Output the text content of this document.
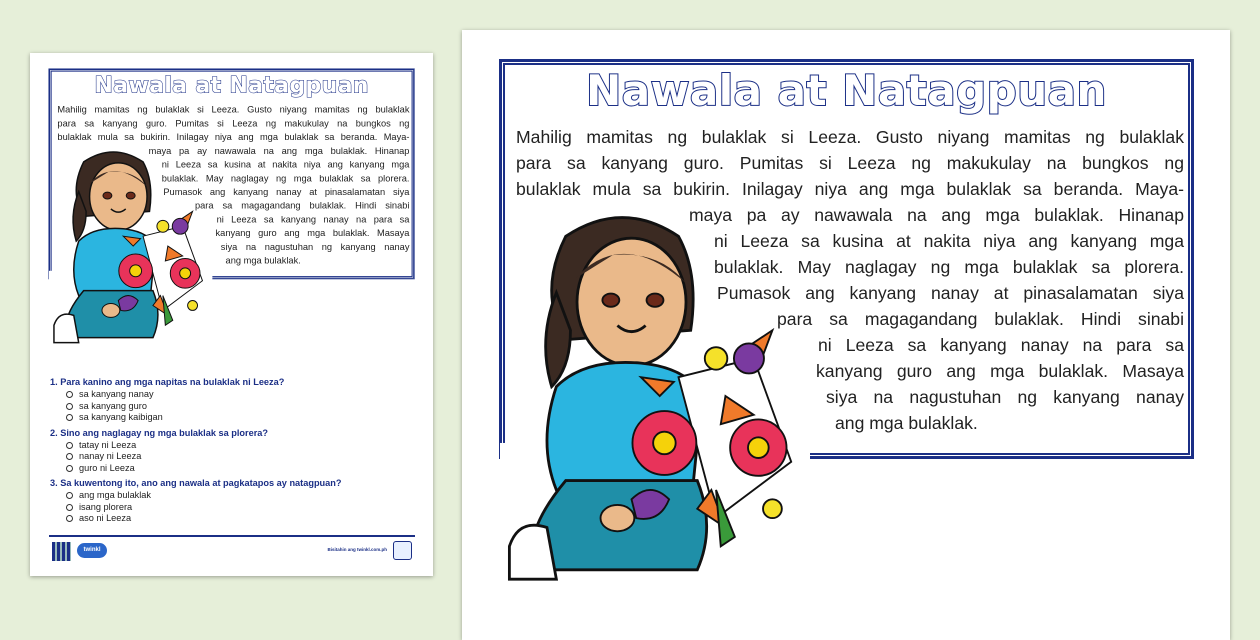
Nawala at Natagpuan
Mahilig mamitas ng bulaklak si Leeza. Gusto niyang mamitas ng bulaklak
para sa kanyang guro. Pumitas si Leeza ng makukulay na bungkos ng
bulaklak mula sa bukirin. Inilagay niya ang mga bulaklak sa beranda. Maya-
maya pa ay nawawala na ang mga bulaklak. Hinanap
ni Leeza sa kusina at nakita niya ang kanyang mga
bulaklak. May naglagay ng mga bulaklak sa plorera.
Pumasok ang kanyang nanay at pinasalamatan siya
para sa magagandang bulaklak. Hindi sinabi
ni Leeza sa kanyang nanay na para sa
kanyang guro ang mga bulaklak. Masaya
siya na nagustuhan ng kanyang nanay
ang mga bulaklak.
1. Para kanino ang mga napitas na bulaklak ni Leeza?
sa kanyang nanay
sa kanyang guro
sa kanyang kaibigan
2. Sino ang naglagay ng mga bulaklak sa plorera?
tatay ni Leeza
nanay ni Leeza
guro ni Leeza
3. Sa kuwentong ito, ano ang nawala at pagkatapos ay natagpuan?
ang mga bulaklak
isang plorera
aso ni Leeza
twinkl	Bisitahin ang twinkl.com.ph
Nawala at Natagpuan
Mahilig mamitas ng bulaklak si Leeza. Gusto niyang mamitas ng bulaklak
para sa kanyang guro. Pumitas si Leeza ng makukulay na bungkos ng
bulaklak mula sa bukirin. Inilagay niya ang mga bulaklak sa beranda. Maya-
maya pa ay nawawala na ang mga bulaklak. Hinanap
ni Leeza sa kusina at nakita niya ang kanyang mga
bulaklak. May naglagay ng mga bulaklak sa plorera.
Pumasok ang kanyang nanay at pinasalamatan siya
para sa magagandang bulaklak. Hindi sinabi
ni Leeza sa kanyang nanay na para sa
kanyang guro ang mga bulaklak. Masaya
siya na nagustuhan ng kanyang nanay
ang mga bulaklak.
